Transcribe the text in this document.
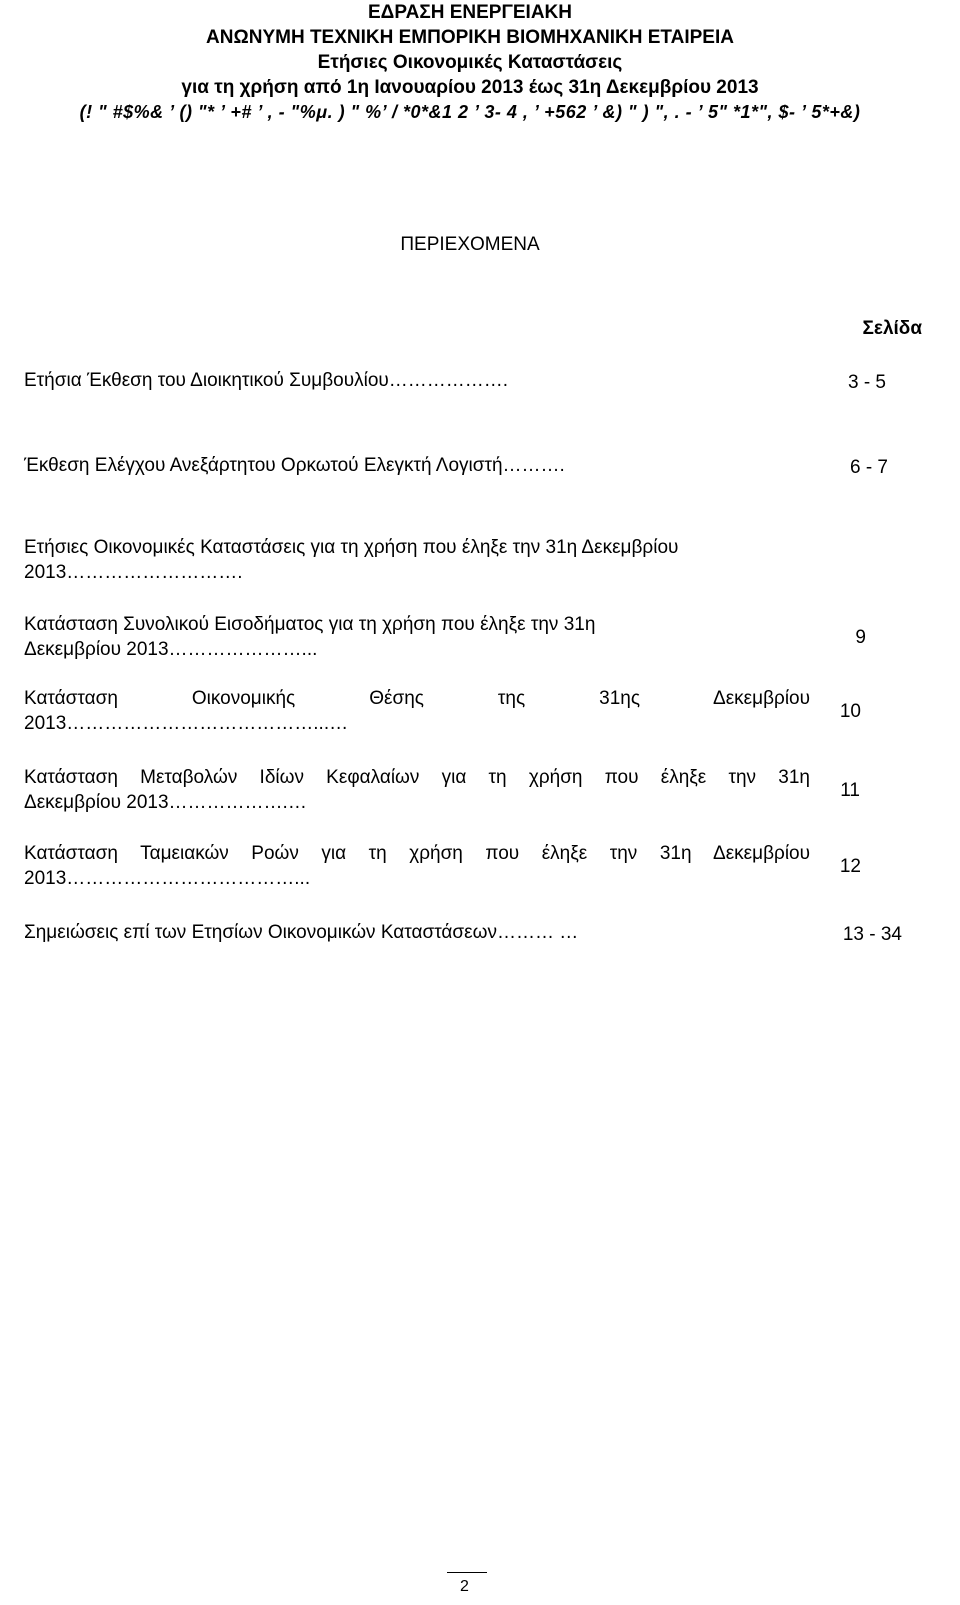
ΕΔΡΑΣΗ ΕΝΕΡΓΕΙΑΚΗ
ΑΝΩΝΥΜΗ ΤΕΧΝΙΚΗ ΕΜΠΟΡΙΚΗ ΒΙΟΜΗΧΑΝΙΚΗ ΕΤΑΙΡΕΙΑ
Ετήσιες Οικονομικές Καταστάσεις
για τη χρήση από 1η Ιανουαρίου 2013 έως 31η Δεκεμβρίου 2013
(! " #$%& ’ () "* ’ +# ’ , - "%μ. ) " %’ / *0*&1 2 ’ 3- 4 , ’ +562 ’ &) " ) ", . - ’ 5" *1*", $- ’ 5*+&)
ΠΕΡΙΕΧΟΜΕΝΑ
Σελίδα
Ετήσια Έκθεση του Διοικητικού Συμβουλίου……………….	3 - 5
Έκθεση Ελέγχου Ανεξάρτητου Ορκωτού Ελεγκτή Λογιστή……….	6 - 7
Ετήσιες Οικονομικές Καταστάσεις για τη χρήση που έληξε την 31η Δεκεμβρίου
2013……………………….
Κατάσταση Συνολικού Εισοδήματος για τη χρήση που έληξε την 31η
Δεκεμβρίου 2013…………………...
9
Κατάσταση Οικονομικής Θέσης της 31ης Δεκεμβρίου
2013…………………………………...…
10
Κατάσταση Μεταβολών Ιδίων Κεφαλαίων για τη χρήση που έληξε την 31η
Δεκεμβρίου 2013……………….…
11
Κατάσταση Ταμειακών Ροών για τη χρήση που έληξε την 31η Δεκεμβρίου
2013………………………………...
12
Σημειώσεις επί των Ετησίων Οικονομικών Καταστάσεων……… …	13 - 34
2
